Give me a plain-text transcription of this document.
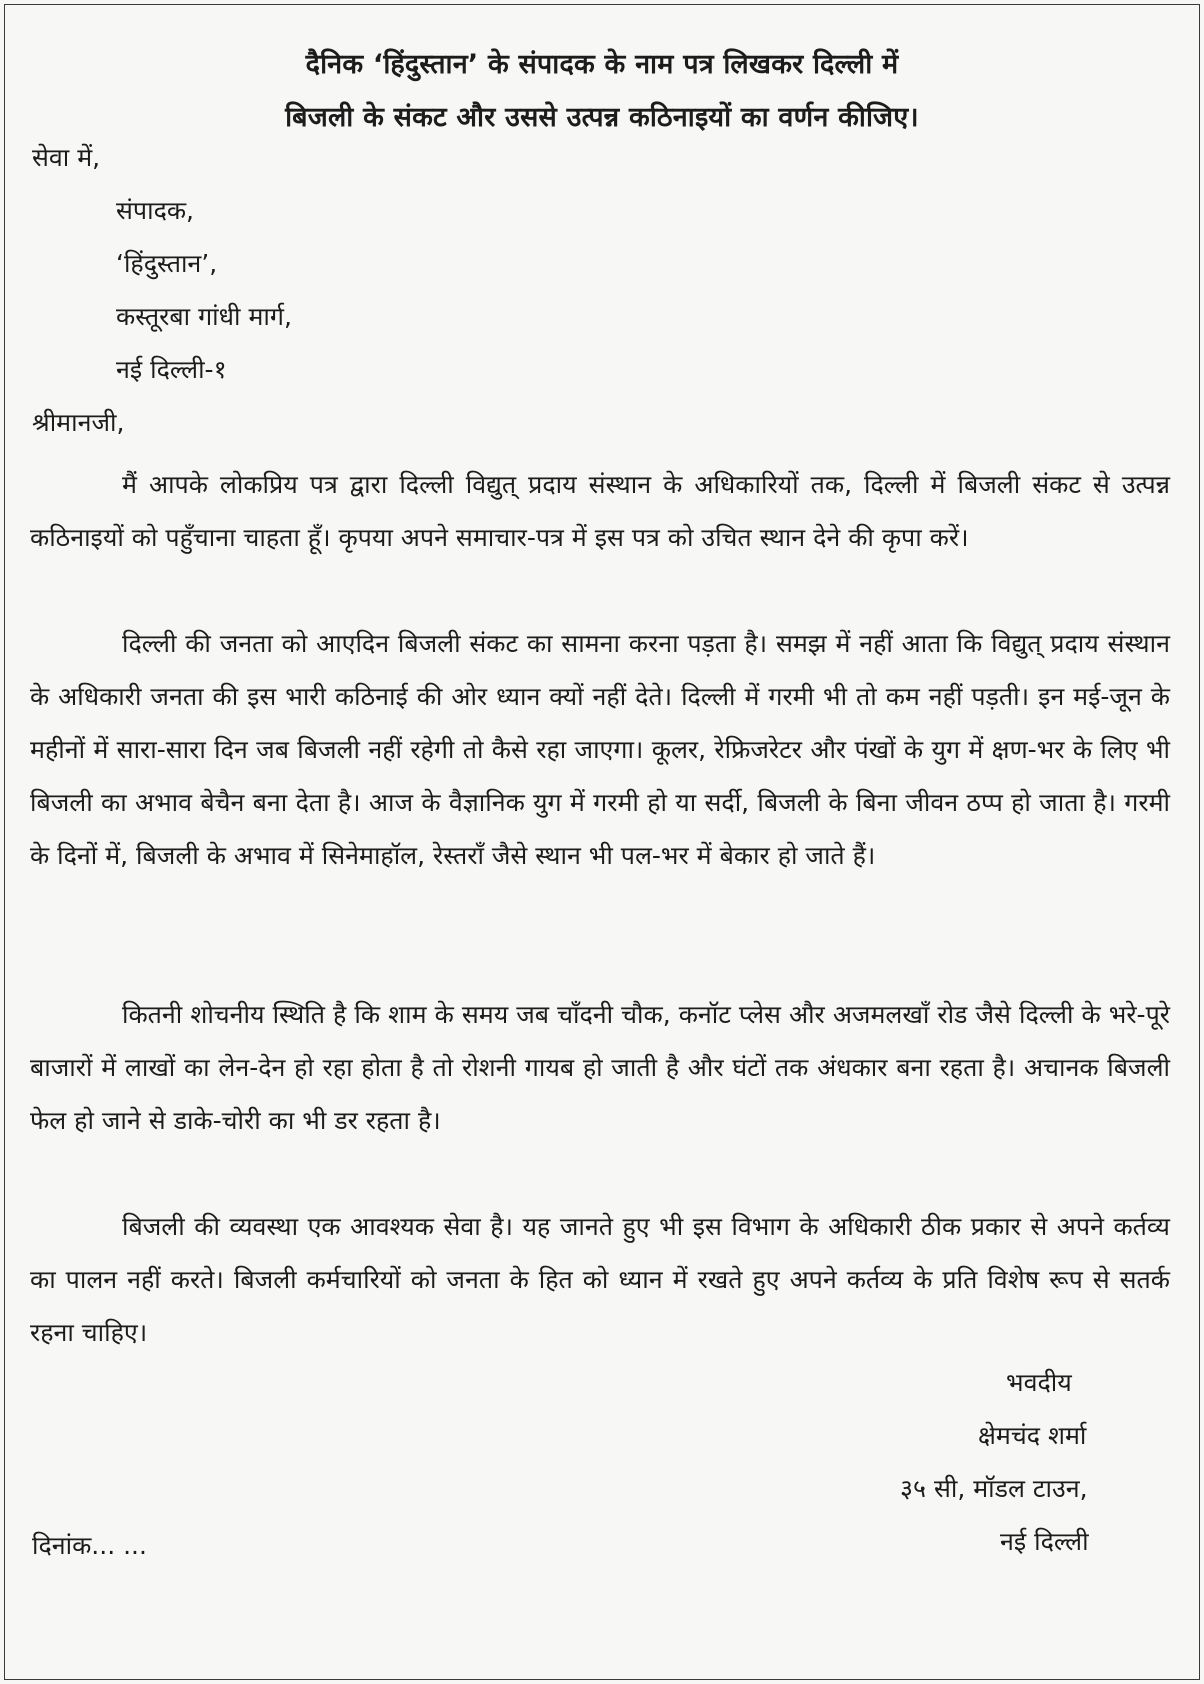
दैनिक ‘हिंदुस्तान’ के संपादक के नाम पत्र लिखकर दिल्ली में
बिजली के संकट और उससे उत्पन्न कठिनाइयों का वर्णन कीजिए।
सेवा में,
संपादक,
‘हिंदुस्तान’,
कस्तूरबा गांधी मार्ग,
नई दिल्ली-१
श्रीमानजी,

मैं आपके लोकप्रिय पत्र द्वारा दिल्ली विद्युत् प्रदाय संस्थान के अधिकारियों तक, दिल्ली में बिजली संकट से उत्पन्न कठिनाइयों को पहुँचाना चाहता हूँ। कृपया अपने समाचार-पत्र में इस पत्र को उचित स्थान देने की कृपा करें।

दिल्ली की जनता को आएदिन बिजली संकट का सामना करना पड़ता है। समझ में नहीं आता कि विद्युत् प्रदाय संस्थान के अधिकारी जनता की इस भारी कठिनाई की ओर ध्यान क्यों नहीं देते। दिल्ली में गरमी भी तो कम नहीं पड़ती। इन मई-जून के महीनों में सारा-सारा दिन जब बिजली नहीं रहेगी तो कैसे रहा जाएगा। कूलर, रेफ्रिजरेटर और पंखों के युग में क्षण-भर के लिए भी बिजली का अभाव बेचैन बना देता है। आज के वैज्ञानिक युग में गरमी हो या सर्दी, बिजली के बिना जीवन ठप्प हो जाता है। गरमी के दिनों में, बिजली के अभाव में सिनेमाहॉल, रेस्तराँ जैसे स्थान भी पल-भर में बेकार हो जाते हैं।

कितनी शोचनीय स्थिति है कि शाम के समय जब चाँदनी चौक, कनॉट प्लेस और अजमलखाँ रोड जैसे दिल्ली के भरे-पूरे बाजारों में लाखों का लेन-देन हो रहा होता है तो रोशनी गायब हो जाती है और घंटों तक अंधकार बना रहता है। अचानक बिजली फेल हो जाने से डाके-चोरी का भी डर रहता है।

बिजली की व्यवस्था एक आवश्यक सेवा है। यह जानते हुए भी इस विभाग के अधिकारी ठीक प्रकार से अपने कर्तव्य का पालन नहीं करते। बिजली कर्मचारियों को जनता के हित को ध्यान में रखते हुए अपने कर्तव्य के प्रति विशेष रूप से सतर्क रहना चाहिए।

भवदीय
क्षेमचंद शर्मा
३५ सी, मॉडल टाउन,
नई दिल्ली
दिनांक... ...
